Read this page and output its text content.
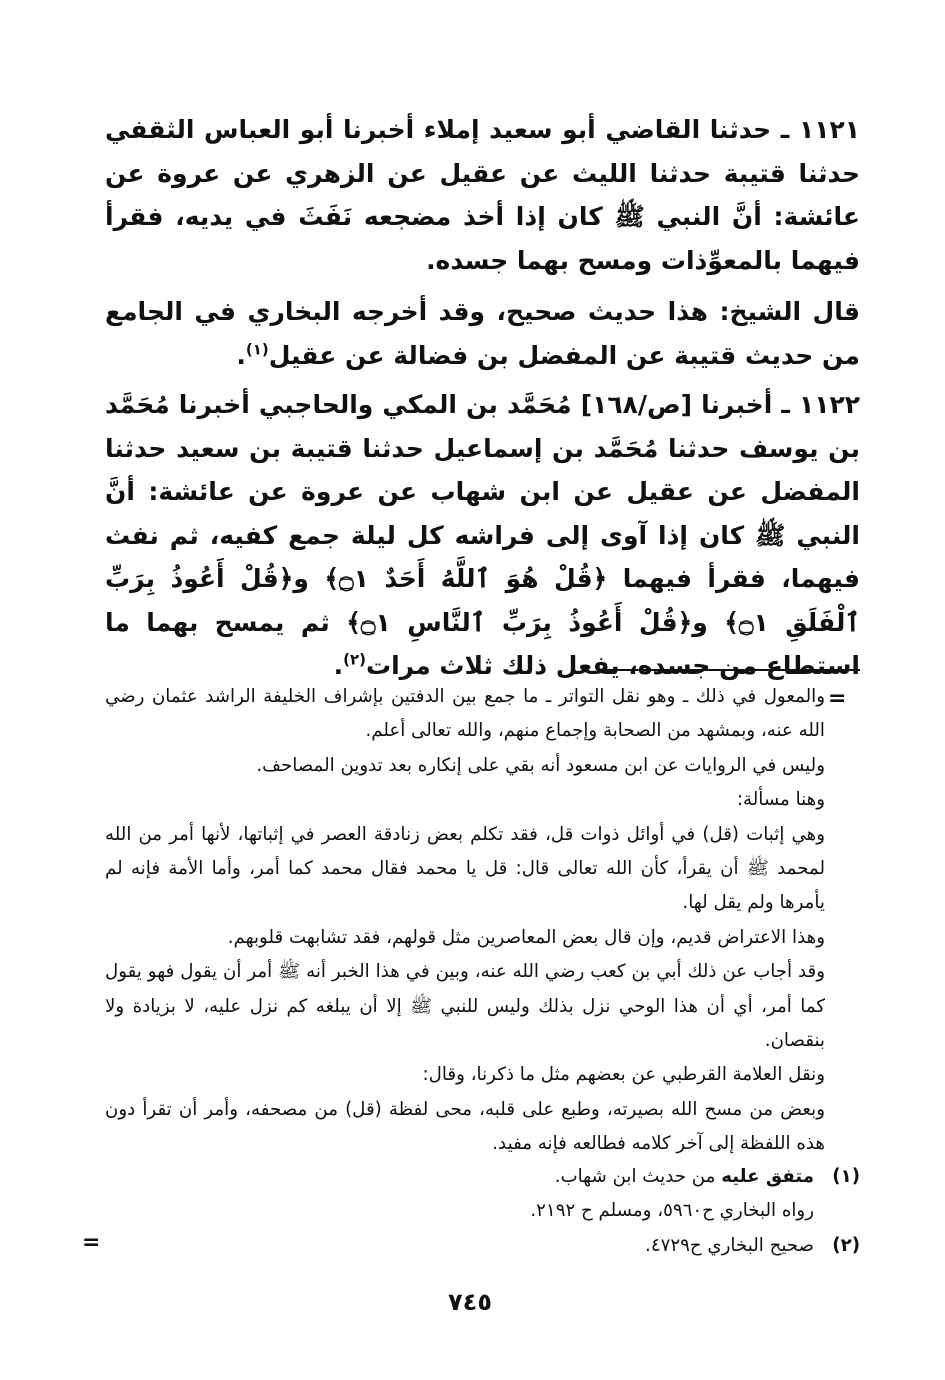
١١٢١ ـ حدثنا القاضي أبو سعيد إملاء أخبرنا أبو العباس الثقفي حدثنا قتيبة حدثنا الليث عن عقيل عن الزهري عن عروة عن عائشة: أنَّ النبي ﷺ كان إذا أخذ مضجعه نَفَثَ في يديه، فقرأ فيهما بالمعوِّذات ومسح بهما جسده.

قال الشيخ: هذا حديث صحيح، وقد أخرجه البخاري في الجامع من حديث قتيبة عن المفضل بن فضالة عن عقيل$^{(١)}$.

١١٢٢ ـ أخبرنا [ص/١٦٨] مُحَمَّد بن المكي والحاجبي أخبرنا مُحَمَّد بن يوسف حدثنا مُحَمَّد بن إسماعيل حدثنا قتيبة بن سعيد حدثنا المفضل عن عقيل عن ابن شهاب عن عروة عن عائشة: أنَّ النبي ﷺ كان إذا آوى إلى فراشه كل ليلة جمع كفيه، ثم نفث فيهما، فقرأ فيهما ﴿قُلْ هُوَ ٱللَّهُ أَحَدٌ ۝١﴾ و﴿قُلْ أَعُوذُ بِرَبِّ ٱلْفَلَقِ ۝١﴾ و﴿قُلْ أَعُوذُ بِرَبِّ ٱلنَّاسِ ۝١﴾ ثم يمسح بهما ما استطاع من جسده، يفعل ذلك ثلاث مرات$^{(٢)}$.

=

والمعول في ذلك ـ وهو نقل التواتر ـ ما جمع بين الدفتين بإشراف الخليفة الراشد عثمان رضي الله عنه، وبمشهد من الصحابة وإجماع منهم، والله تعالى أعلم.

وليس في الروايات عن ابن مسعود أنه بقي على إنكاره بعد تدوين المصاحف.

وهنا مسألة:

وهي إثبات (قل) في أوائل ذوات قل، فقد تكلم بعض زنادقة العصر في إثباتها، لأنها أمر من الله لمحمد ﷺ أن يقرأ، كأن الله تعالى قال: قل يا محمد فقال محمد كما أمر، وأما الأمة فإنه لم يأمرها ولم يقل لها.

وهذا الاعتراض قديم، وإن قال بعض المعاصرين مثل قولهم، فقد تشابهت قلوبهم.

وقد أجاب عن ذلك أبي بن كعب رضي الله عنه، وبين في هذا الخبر أنه ﷺ أمر أن يقول فهو يقول كما أمر، أي أن هذا الوحي نزل بذلك وليس للنبي ﷺ إلا أن يبلغه كم نزل عليه، لا بزيادة ولا بنقصان.

ونقل العلامة القرطبي عن بعضهم مثل ما ذكرنا، وقال:

وبعض من مسح الله بصيرته، وطبع على قلبه، محى لفظة (قل) من مصحفه، وأمر أن تقرأ دون هذه اللفظة إلى آخر كلامه فطالعه فإنه مفيد.

(١)
متفق عليه من حديث ابن شهاب.
رواه البخاري ح٥٩٦٠، ومسلم ح ٢١٩٢.
(٢)
صحيح البخاري ح٤٧٢٩.
=
٧٤٥
